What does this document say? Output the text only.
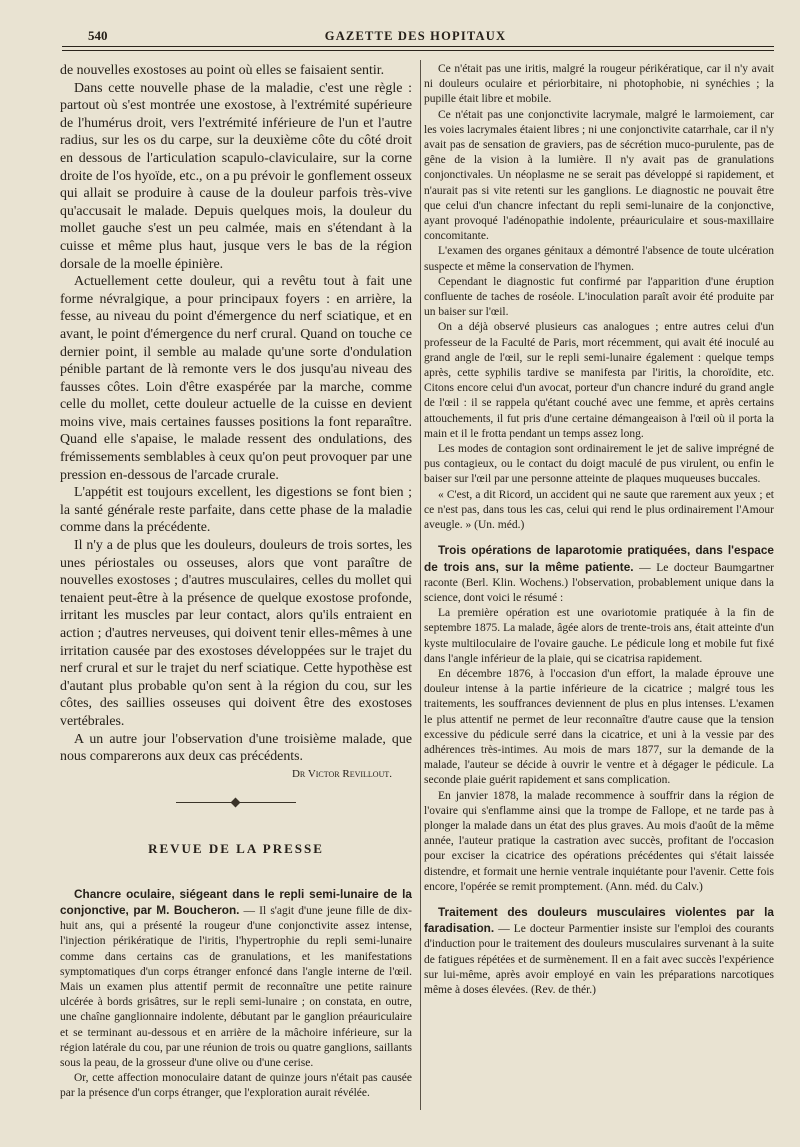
540	GAZETTE DES HOPITAUX

de nouvelles exostoses au point où elles se faisaient sentir.

Dans cette nouvelle phase de la maladie, c'est une règle : partout où s'est montrée une exostose, à l'extrémité supérieure de l'humérus droit, vers l'extrémité inférieure de l'un et l'autre radius, sur les os du carpe, sur la deuxième côte du côté droit en dessous de l'articulation scapulo-claviculaire, sur la corne droite de l'os hyoïde, etc., on a pu prévoir le gonflement osseux qui allait se produire à cause de la douleur parfois très-vive qu'accusait le malade. Depuis quelques mois, la douleur du mollet gauche s'est un peu calmée, mais en s'étendant à la cuisse et même plus haut, jusque vers le bas de la région dorsale de la moelle épinière.

Actuellement cette douleur, qui a revêtu tout à fait une forme névralgique, a pour principaux foyers : en arrière, la fesse, au niveau du point d'émergence du nerf sciatique, et en avant, le point d'émergence du nerf crural. Quand on touche ce dernier point, il semble au malade qu'une sorte d'ondulation pénible partant de là remonte vers le dos jusqu'au niveau des fausses côtes. Loin d'être exaspérée par la marche, comme celle du mollet, cette douleur actuelle de la cuisse en devient moins vive, mais certaines fausses positions la font reparaître. Quand elle s'apaise, le malade ressent des ondulations, des frémissements semblables à ceux qu'on peut provoquer par une pression en-dessous de l'arcade crurale.

L'appétit est toujours excellent, les digestions se font bien ; la santé générale reste parfaite, dans cette phase de la maladie comme dans la précédente.

Il n'y a de plus que les douleurs, douleurs de trois sortes, les unes périostales ou osseuses, alors que vont paraître de nouvelles exostoses ; d'autres musculaires, celles du mollet qui tenaient peut-être à la présence de quelque exostose profonde, irritant les muscles par leur contact, alors qu'ils entraient en action ; d'autres nerveuses, qui doivent tenir elles-mêmes à une irritation causée par des exostoses développées sur le trajet du nerf crural et sur le trajet du nerf sciatique. Cette hypothèse est d'autant plus probable qu'on sent à la région du cou, sur les côtes, des saillies osseuses qui doivent être des exostoses vertébrales.

A un autre jour l'observation d'une troisième malade, que nous comparerons aux deux cas précédents.

Dr Victor Revillout.
REVUE DE LA PRESSE

Chancre oculaire, siégeant dans le repli semi-lunaire de la conjonctive, par M. Boucheron. — Il s'agit d'une jeune fille de dix-huit ans, qui a présenté la rougeur d'une conjonctivite assez intense, l'injection périkératique de l'iritis, l'hypertrophie du repli semi-lunaire comme dans certains cas de granulations, et les manifestations symptomatiques d'un corps étranger enfoncé dans l'angle interne de l'œil. Mais un examen plus attentif permit de reconnaître une petite rainure ulcérée à bords grisâtres, sur le repli semi-lunaire ; on constata, en outre, une chaîne ganglionnaire indolente, débutant par le ganglion préauriculaire et se terminant au-dessous et en arrière de la mâchoire inférieure, sur la région latérale du cou, par une réunion de trois ou quatre ganglions, saillants sous la peau, de la grosseur d'une olive ou d'une cerise.

Or, cette affection monoculaire datant de quinze jours n'était pas causée par la présence d'un corps étranger, que l'exploration aurait révélée.

Ce n'était pas une iritis, malgré la rougeur périkératique, car il n'y avait ni douleurs oculaire et périorbitaire, ni photophobie, ni synéchies ; la pupille était libre et mobile.

Ce n'était pas une conjonctivite lacrymale, malgré le larmoiement, car les voies lacrymales étaient libres ; ni une conjonctivite catarrhale, car il n'y avait pas de sensation de graviers, pas de sécrétion muco-purulente, pas de gêne de la vision à la lumière. Il n'y avait pas de granulations conjonctivales. Un néoplasme ne se serait pas développé si rapidement, et n'aurait pas si vite retenti sur les ganglions. Le diagnostic ne pouvait être que celui d'un chancre infectant du repli semi-lunaire de la conjonctive, ayant provoqué l'adénopathie indolente, préauriculaire et sous-maxillaire concomitante.

L'examen des organes génitaux a démontré l'absence de toute ulcération suspecte et même la conservation de l'hymen.

Cependant le diagnostic fut confirmé par l'apparition d'une éruption confluente de taches de roséole. L'inoculation paraît avoir été produite par un baiser sur l'œil.

On a déjà observé plusieurs cas analogues ; entre autres celui d'un professeur de la Faculté de Paris, mort récemment, qui avait été inoculé au grand angle de l'œil, sur le repli semi-lunaire également : quelque temps après, cette syphilis tardive se manifesta par l'iritis, la choroïdite, etc. Citons encore celui d'un avocat, porteur d'un chancre induré du grand angle de l'œil : il se rappela qu'étant couché avec une femme, et après certains attouchements, il fut pris d'une certaine démangeaison à l'œil où il porta la main et il le frotta pendant un temps assez long.

Les modes de contagion sont ordinairement le jet de salive imprégné de pus contagieux, ou le contact du doigt maculé de pus virulent, ou enfin le baiser sur l'œil par une personne atteinte de plaques muqueuses buccales.

« C'est, a dit Ricord, un accident qui ne saute que rarement aux yeux ; et ce n'est pas, dans tous les cas, celui qui rend le plus ordinairement l'Amour aveugle. » (Un. méd.)

Trois opérations de laparotomie pratiquées, dans l'espace de trois ans, sur la même patiente. — Le docteur Baumgartner raconte (Berl. Klin. Wochens.) l'observation, probablement unique dans la science, dont voici le résumé :

La première opération est une ovariotomie pratiquée à la fin de septembre 1875. La malade, âgée alors de trente-trois ans, était atteinte d'un kyste multiloculaire de l'ovaire gauche. Le pédicule long et mobile fut fixé dans l'angle inférieur de la plaie, qui se cicatrisa rapidement.

En décembre 1876, à l'occasion d'un effort, la malade éprouve une douleur intense à la partie inférieure de la cicatrice ; malgré tous les traitements, les souffrances deviennent de plus en plus intenses. L'examen le plus attentif ne permet de leur reconnaître d'autre cause que la tension excessive du pédicule serré dans la cicatrice, et uni à la vessie par des adhérences très-intimes. Au mois de mars 1877, sur la demande de la malade, l'auteur se décide à ouvrir le ventre et à dégager le pédicule. La seconde plaie guérit rapidement et sans complication.

En janvier 1878, la malade recommence à souffrir dans la région de l'ovaire qui s'enflamme ainsi que la trompe de Fallope, et ne tarde pas à plonger la malade dans un état des plus graves. Au mois d'août de la même année, l'auteur pratique la castration avec succès, profitant de l'occasion pour exciser la cicatrice des opérations précédentes qui s'était laissée distendre, et formait une hernie ventrale inquiétante pour l'avenir. Cette fois encore, l'opérée se remit promptement. (Ann. méd. du Calv.)

Traitement des douleurs musculaires violentes par la faradisation. — Le docteur Parmentier insiste sur l'emploi des courants d'induction pour le traitement des douleurs musculaires survenant à la suite de fatigues répétées et de surmènement. Il en a fait avec succès l'expérience sur lui-même, après avoir employé en vain les préparations narcotiques même à doses élevées. (Rev. de thér.)
